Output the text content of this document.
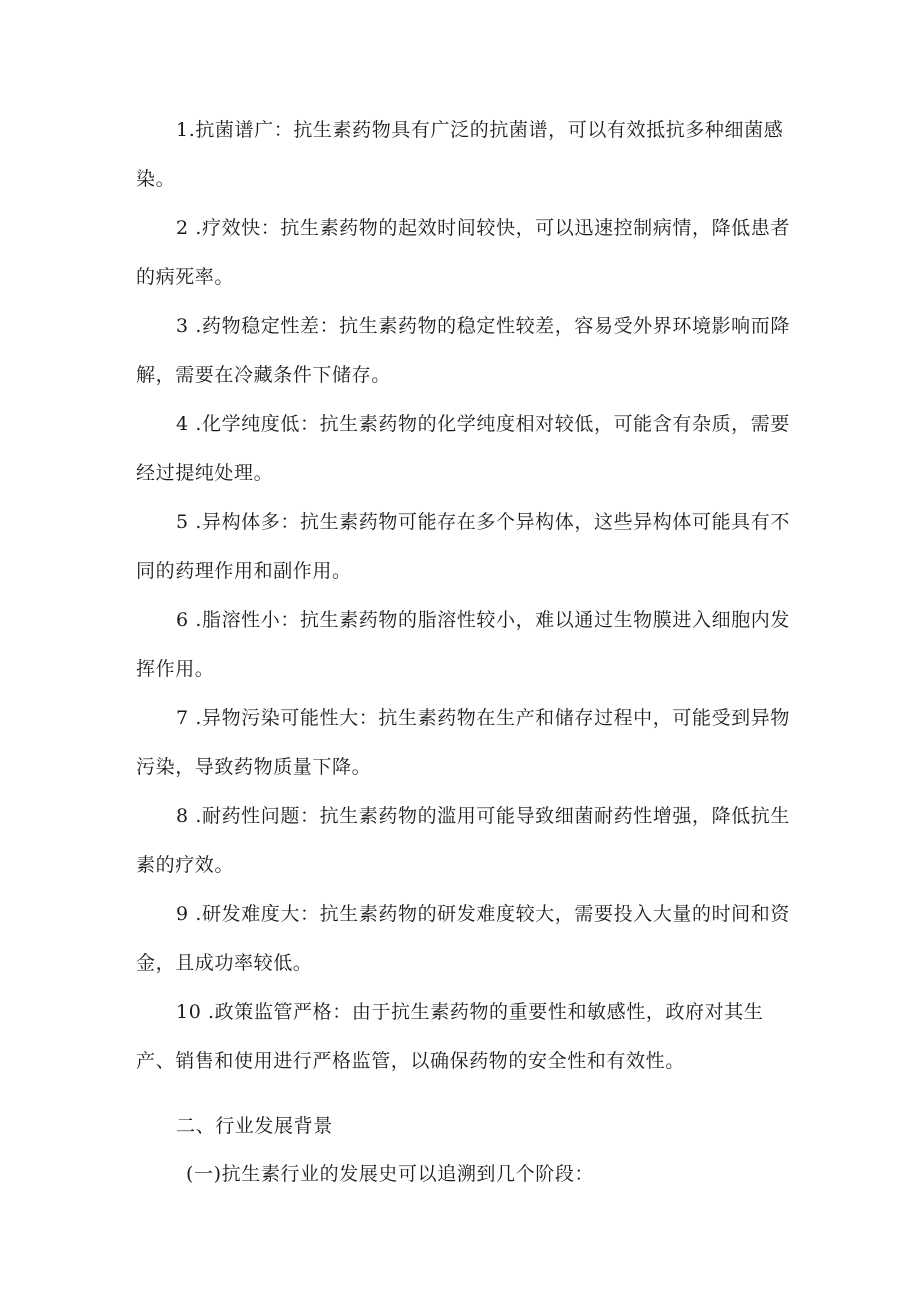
1.抗菌谱广：抗生素药物具有广泛的抗菌谱，可以有效抵抗多种细菌感染。

2 .疗效快：抗生素药物的起效时间较快，可以迅速控制病情，降低患者的病死率。

3 .药物稳定性差：抗生素药物的稳定性较差，容易受外界环境影响而降解，需要在冷藏条件下储存。

4 .化学纯度低：抗生素药物的化学纯度相对较低，可能含有杂质，需要经过提纯处理。

5 .异构体多：抗生素药物可能存在多个异构体，这些异构体可能具有不同的药理作用和副作用。

6 .脂溶性小：抗生素药物的脂溶性较小，难以通过生物膜进入细胞内发挥作用。

7 .异物污染可能性大：抗生素药物在生产和储存过程中，可能受到异物污染，导致药物质量下降。

8 .耐药性问题：抗生素药物的滥用可能导致细菌耐药性增强，降低抗生素的疗效。

9 .研发难度大：抗生素药物的研发难度较大，需要投入大量的时间和资金，且成功率较低。

10 .政策监管严格：由于抗生素药物的重要性和敏感性，政府对其生产、销售和使用进行严格监管，以确保药物的安全性和有效性。

二、行业发展背景

(一)抗生素行业的发展史可以追溯到几个阶段：
